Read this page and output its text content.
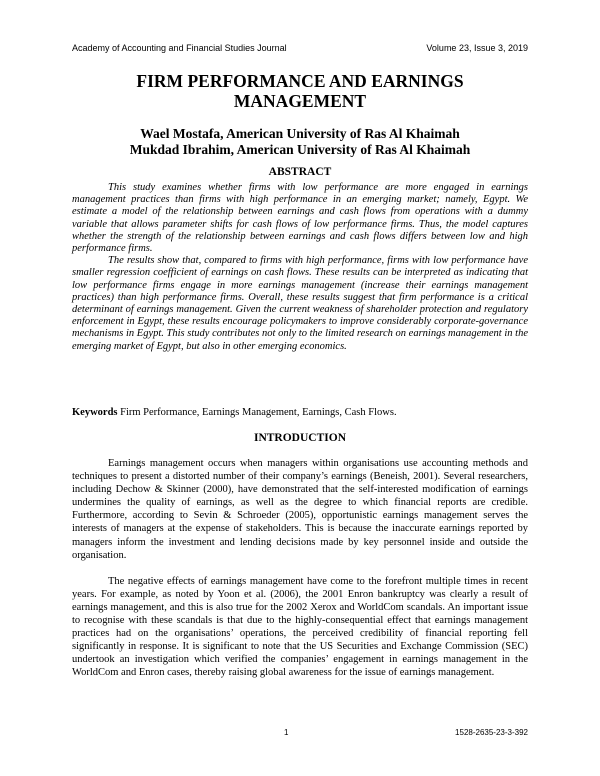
Academy of Accounting and Financial Studies Journal	Volume 23, Issue 3, 2019
FIRM PERFORMANCE AND EARNINGS
MANAGEMENT
Wael Mostafa, American University of Ras Al Khaimah
Mukdad Ibrahim, American University of Ras Al Khaimah
ABSTRACT

This study examines whether firms with low performance are more engaged in earnings management practices than firms with high performance in an emerging market; namely, Egypt. We estimate a model of the relationship between earnings and cash flows from operations with a dummy variable that allows parameter shifts for cash flows of low performance firms. Thus, the model captures whether the strength of the relationship between earnings and cash flows differs between low and high performance firms.

The results show that, compared to firms with high performance, firms with low performance have smaller regression coefficient of earnings on cash flows. These results can be interpreted as indicating that low performance firms engage in more earnings management (increase their earnings management practices) than high performance firms. Overall, these results suggest that firm performance is a critical determinant of earnings management. Given the current weakness of shareholder protection and regulatory enforcement in Egypt, these results encourage policymakers to improve considerably corporate-governance mechanisms in Egypt. This study contributes not only to the limited research on earnings management in the emerging market of Egypt, but also in other emerging economics.

Keywords Firm Performance, Earnings Management, Earnings, Cash Flows.
INTRODUCTION

Earnings management occurs when managers within organisations use accounting methods and techniques to present a distorted number of their company’s earnings (Beneish, 2001). Several researchers, including Dechow & Skinner (2000), have demonstrated that the self-interested modification of earnings undermines the quality of earnings, as well as the degree to which financial reports are credible. Furthermore, according to Sevin & Schroeder (2005), opportunistic earnings management serves the interests of managers at the expense of stakeholders. This is because the inaccurate earnings reported by managers inform the investment and lending decisions made by key personnel inside and outside the organisation.

The negative effects of earnings management have come to the forefront multiple times in recent years. For example, as noted by Yoon et al. (2006), the 2001 Enron bankruptcy was clearly a result of earnings management, and this is also true for the 2002 Xerox and WorldCom scandals. An important issue to recognise with these scandals is that due to the highly-consequential effect that earnings management practices had on the organisations’ operations, the perceived credibility of financial reporting fell significantly in response. It is significant to note that the US Securities and Exchange Commission (SEC) undertook an investigation which verified the companies’ engagement in earnings management in the WorldCom and Enron cases, thereby raising global awareness for the issue of earnings management.

1	1528-2635-23-3-392
